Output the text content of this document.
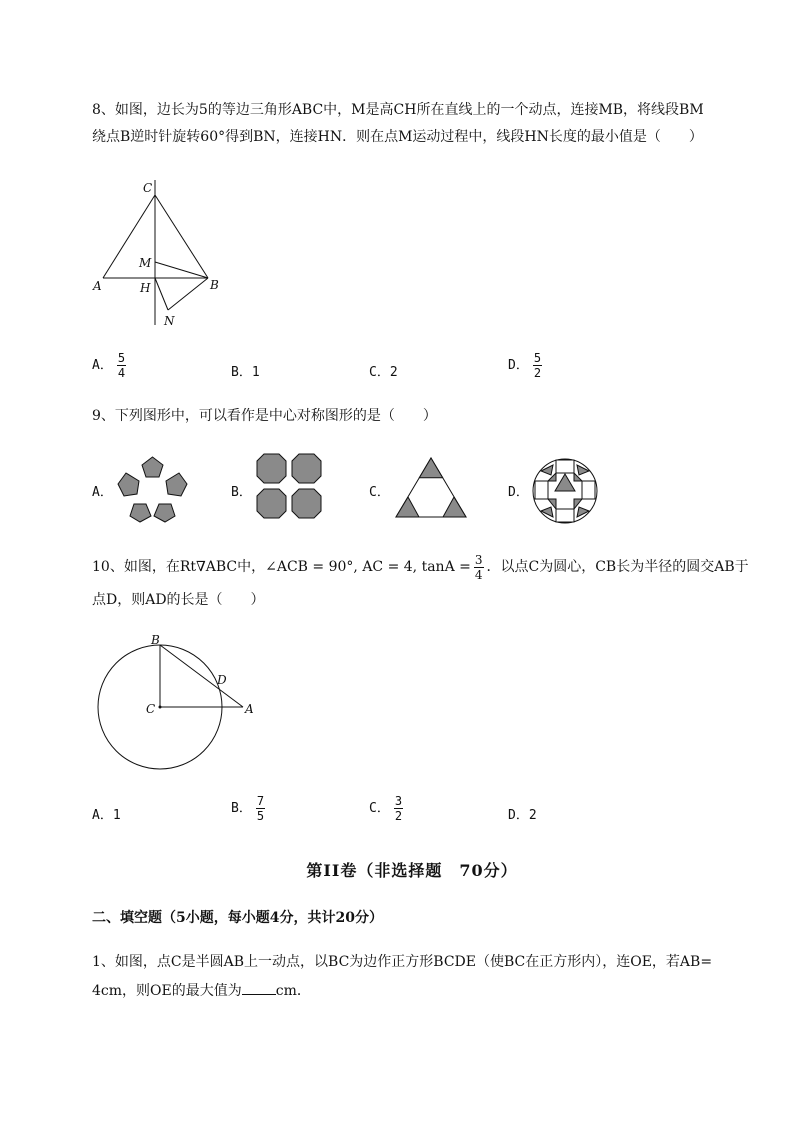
8、如图，边长为5的等边三角形ABC中，M是高CH所在直线上的一个动点，连接MB，将线段BM
绕点B逆时针旋转60°得到BN，连接HN．则在点M运动过程中，线段HN长度的最小值是（　　）
C
M
A	H	B
N
A． $\frac{5}{4}$	B．1	C．2	D． $\frac{5}{2}$
9、下列图形中，可以看作是中心对称图形的是（　　）
A．	B．	C．	D．
10、如图，在Rt∇ABC中，∠ACB = 90°, AC = 4, $\tan A = \frac{3}{4}$ ．以点C为圆心，CB长为半径的圆交AB于
点D，则AD的长是（　　）
B
D
C	A
A．1	B． $\frac{7}{5}$	C． $\frac{3}{2}$	D．2
第II卷（非选择题　70分）
二、填空题（5小题，每小题4分，共计20分）
1、如图，点C是半圆AB上一动点，以BC为边作正方形BCDE（使BC在正方形内），连OE，若AB=
4cm，则OE的最大值为 cm．
